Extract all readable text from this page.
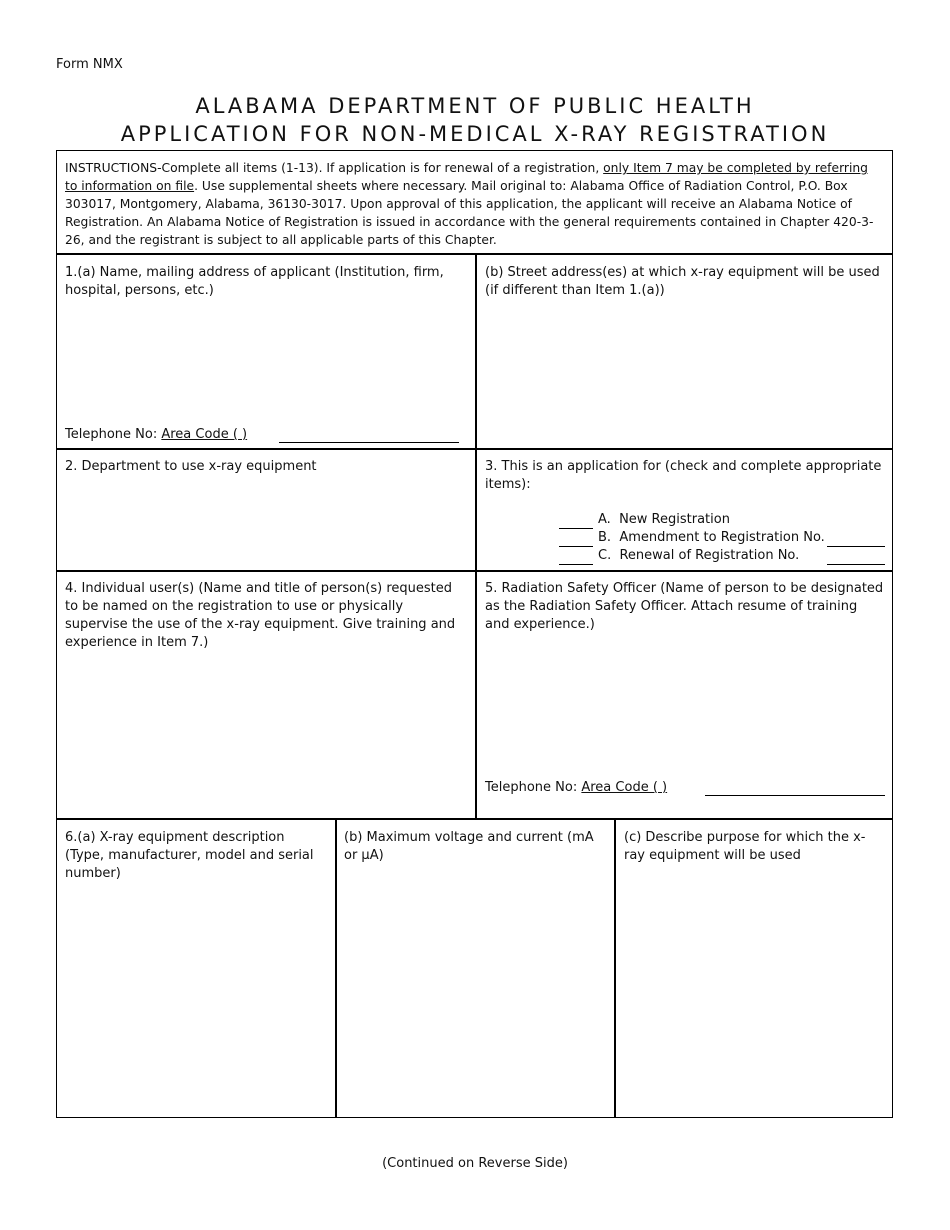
Form NMX
ALABAMA DEPARTMENT OF PUBLIC HEALTH
APPLICATION FOR NON-MEDICAL X-RAY REGISTRATION
INSTRUCTIONS-Complete all items (1-13). If application is for renewal of a registration, only Item 7 may be completed by referring to information on file. Use supplemental sheets where necessary. Mail original to: Alabama Office of Radiation Control, P.O. Box 303017, Montgomery, Alabama, 36130-3017. Upon approval of this application, the applicant will receive an Alabama Notice of Registration. An Alabama Notice of Registration is issued in accordance with the general requirements contained in Chapter 420-3-26, and the registrant is subject to all applicable parts of this Chapter.
1.(a) Name, mailing address of applicant (Institution, firm, hospital, persons, etc.)
Telephone No: Area Code ( )
(b) Street address(es) at which x-ray equipment will be used (if different than Item 1.(a))
2. Department to use x-ray equipment	3. This is an application for (check and complete appropriate items):
A. New Registration
B. Amendment to Registration No.
C. Renewal of Registration No.
4. Individual user(s) (Name and title of person(s) requested to be named on the registration to use or physically supervise the use of the x-ray equipment. Give training and experience in Item 7.)
5. Radiation Safety Officer (Name of person to be designated as the Radiation Safety Officer. Attach resume of training and experience.)
Telephone No: Area Code ( )
6.(a) X-ray equipment description
(Type, manufacturer, model and serial number)
(b) Maximum voltage and current (mA or µA)
(c) Describe purpose for which the x-ray equipment will be used
(Continued on Reverse Side)
